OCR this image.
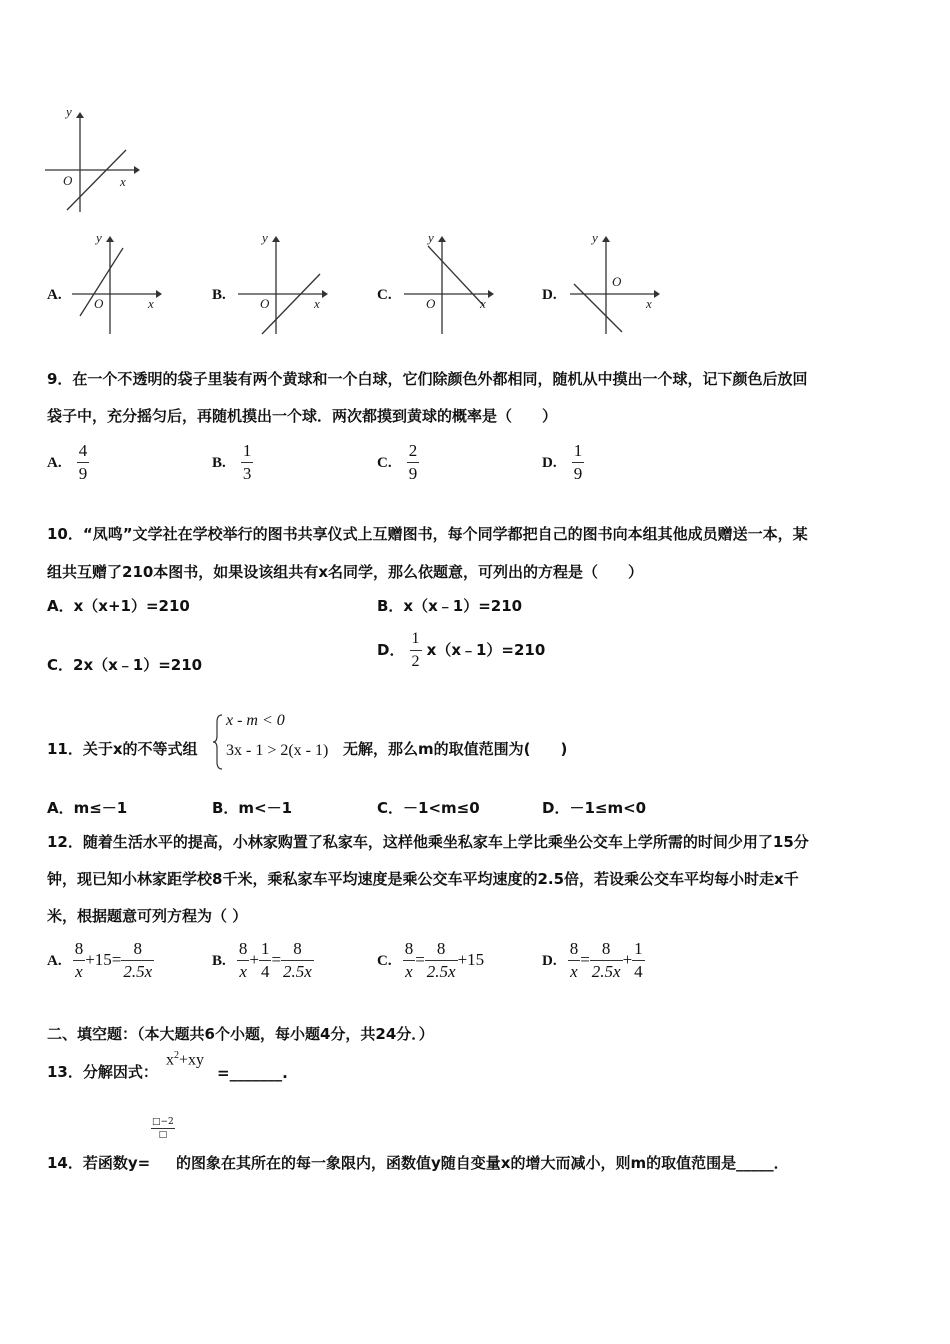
y
x
O
A.
y
x
O
B.
y
x
O
C.
y
x
O
D.
y
x
O
9．在一个不透明的袋子里装有两个黄球和一个白球，它们除颜色外都相同，随机从中摸出一个球，记下颜色后放回
袋子中，充分摇匀后，再随机摸出一个球．两次都摸到黄球的概率是（　　）
A. $\frac{4}{9}$	B. $\frac{1}{3}$	C. $\frac{2}{9}$	D. $\frac{1}{9}$
10．“凤鸣”文学社在学校举行的图书共享仪式上互赠图书，每个同学都把自己的图书向本组其他成员赠送一本，某
组共互赠了210本图书，如果设该组共有x名同学，那么依题意，可列出的方程是（　　）
A．x（x+1）=210	B．x（x﹣1）=210
C．2x（x﹣1）=210
D． $\frac{1}{2}$ x（x﹣1）=210
11．关于x的不等式组
x - m < 0
3x - 1 > 2(x - 1) 无解，那么m的取值范围为(　　)
A．m≤－1	B．m<－1	C．－1<m≤0	D．－1≤m<0
12．随着生活水平的提高，小林家购置了私家车，这样他乘坐私家车上学比乘坐公交车上学所需的时间少用了15分
钟，现已知小林家距学校8千米，乘私家车平均速度是乘公交车平均速度的2.5倍，若设乘公交车平均每小时走x千
米，根据题意可列方程为（ ）
A. $\frac{8}{x} +15= \frac{8}{2.5x}$	B. $\frac{8}{x} + \frac{1}{4} = \frac{8}{2.5x}$	C. $\frac{8}{x} = \frac{8}{2.5x} +15$	D. $\frac{8}{x} = \frac{8}{2.5x} + \frac{1}{4}$
二、填空题：（本大题共6个小题，每小题4分，共24分．）
13．分解因式：
$x^2+xy$
=_______.
□−2
□
14．若函数y= 的图象在其所在的每一象限内，函数值y随自变量x的增大而减小，则m的取值范围是_____．
